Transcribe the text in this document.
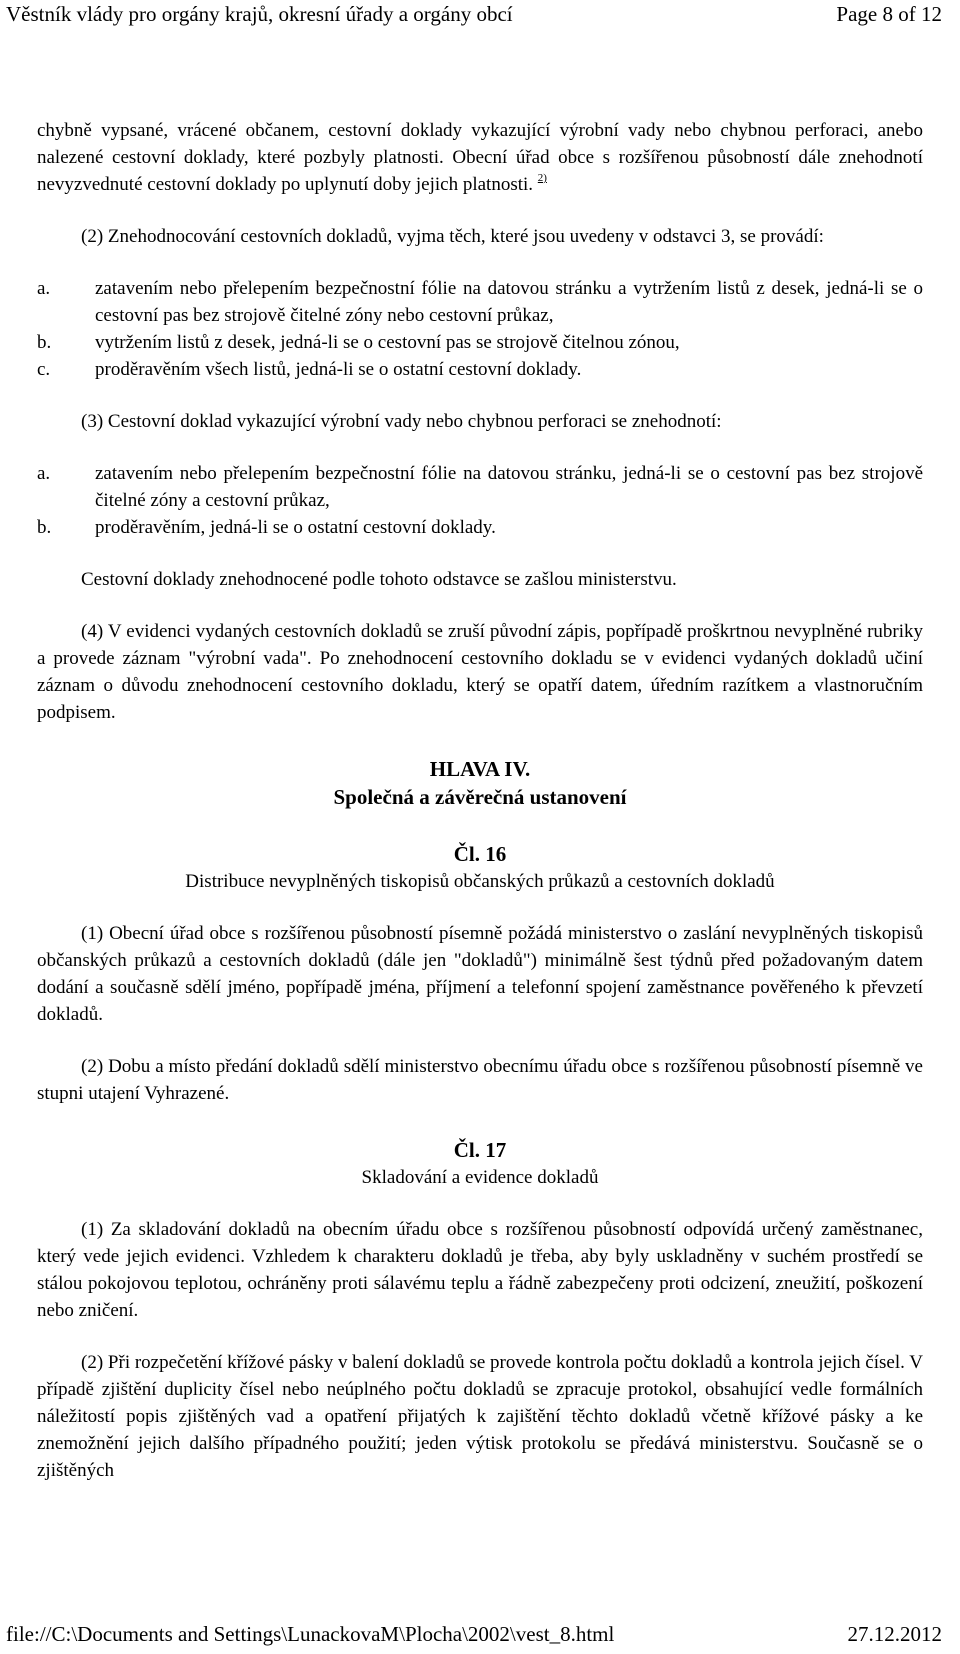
Věstník vlády pro orgány krajů, okresní úřady a orgány obcí	Page 8 of 12

chybně vypsané, vrácené občanem, cestovní doklady vykazující výrobní vady nebo chybnou perforaci, anebo nalezené cestovní doklady, které pozbyly platnosti. Obecní úřad obce s rozšířenou působností dále znehodnotí nevyzvednuté cestovní doklady po uplynutí doby jejich platnosti. $^{2)}$

(2) Znehodnocování cestovních dokladů, vyjma těch, které jsou uvedeny v odstavci 3, se provádí:

a. zatavením nebo přelepením bezpečnostní fólie na datovou stránku a vytržením listů z desek, jedná-li se o cestovní pas bez strojově čitelné zóny nebo cestovní průkaz,
b. vytržením listů z desek, jedná-li se o cestovní pas se strojově čitelnou zónou,
c. proděravěním všech listů, jedná-li se o ostatní cestovní doklady.

(3) Cestovní doklad vykazující výrobní vady nebo chybnou perforaci se znehodnotí:

a. zatavením nebo přelepením bezpečnostní fólie na datovou stránku, jedná-li se o cestovní pas bez strojově čitelné zóny a cestovní průkaz,
b. proděravěním, jedná-li se o ostatní cestovní doklady.

Cestovní doklady znehodnocené podle tohoto odstavce se zašlou ministerstvu.

(4) V evidenci vydaných cestovních dokladů se zruší původní zápis, popřípadě proškrtnou nevyplněné rubriky a provede záznam "výrobní vada". Po znehodnocení cestovního dokladu se v evidenci vydaných dokladů učiní záznam o důvodu znehodnocení cestovního dokladu, který se opatří datem, úředním razítkem a vlastnoručním podpisem.

HLAVA IV.
Společná a závěrečná ustanovení
Čl. 16
Distribuce nevyplněných tiskopisů občanských průkazů a cestovních dokladů

(1) Obecní úřad obce s rozšířenou působností písemně požádá ministerstvo o zaslání nevyplněných tiskopisů občanských průkazů a cestovních dokladů (dále jen "dokladů") minimálně šest týdnů před požadovaným datem dodání a současně sdělí jméno, popřípadě jména, příjmení a telefonní spojení zaměstnance pověřeného k převzetí dokladů.

(2) Dobu a místo předání dokladů sdělí ministerstvo obecnímu úřadu obce s rozšířenou působností písemně ve stupni utajení Vyhrazené.

Čl. 17
Skladování a evidence dokladů

(1) Za skladování dokladů na obecním úřadu obce s rozšířenou působností odpovídá určený zaměstnanec, který vede jejich evidenci. Vzhledem k charakteru dokladů je třeba, aby byly uskladněny v suchém prostředí se stálou pokojovou teplotou, ochráněny proti sálavému teplu a řádně zabezpečeny proti odcizení, zneužití, poškození nebo zničení.

(2) Při rozpečetění křížové pásky v balení dokladů se provede kontrola počtu dokladů a kontrola jejich čísel. V případě zjištění duplicity čísel nebo neúplného počtu dokladů se zpracuje protokol, obsahující vedle formálních náležitostí popis zjištěných vad a opatření přijatých k zajištění těchto dokladů včetně křížové pásky a ke znemožnění jejich dalšího případného použití; jeden výtisk protokolu se předává ministerstvu. Současně se o zjištěných

file://C:\Documents and Settings\LunackovaM\Plocha\2002\vest_8.html	27.12.2012
